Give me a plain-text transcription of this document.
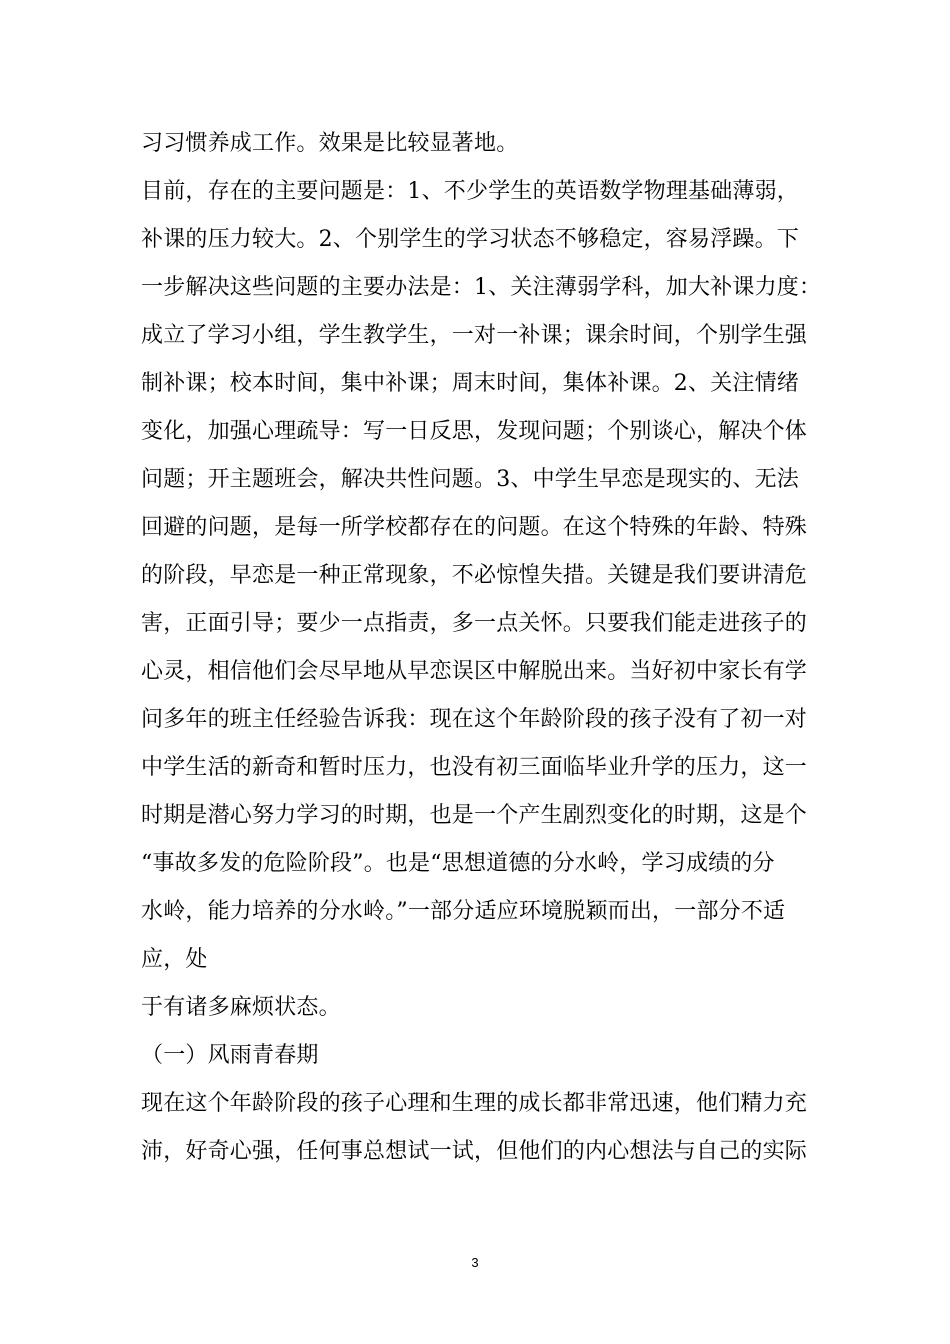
习习惯养成工作。效果是比较显著地。
目前，存在的主要问题是：1、不少学生的英语数学物理基础薄弱，
补课的压力较大。2、个别学生的学习状态不够稳定，容易浮躁。下
一步解决这些问题的主要办法是：1、关注薄弱学科，加大补课力度：
成立了学习小组，学生教学生，一对一补课；课余时间，个别学生强
制补课；校本时间，集中补课；周末时间，集体补课。2、关注情绪
变化，加强心理疏导：写一日反思，发现问题；个别谈心，解决个体
问题；开主题班会，解决共性问题。3、中学生早恋是现实的、无法
回避的问题，是每一所学校都存在的问题。在这个特殊的年龄、特殊
的阶段，早恋是一种正常现象，不必惊惶失措。关键是我们要讲清危
害，正面引导；要少一点指责，多一点关怀。只要我们能走进孩子的
心灵，相信他们会尽早地从早恋误区中解脱出来。当好初中家长有学
问多年的班主任经验告诉我：现在这个年龄阶段的孩子没有了初一对
中学生活的新奇和暂时压力，也没有初三面临毕业升学的压力，这一
时期是潜心努力学习的时期，也是一个产生剧烈变化的时期，这是个
“事故多发的危险阶段”。也是“思想道德的分水岭，学习成绩的分
水岭，能力培养的分水岭。”一部分适应环境脱颖而出，一部分不适
应，处
于有诸多麻烦状态。
（一）风雨青春期
现在这个年龄阶段的孩子心理和生理的成长都非常迅速，他们精力充
沛，好奇心强，任何事总想试一试，但他们的内心想法与自己的实际
3
